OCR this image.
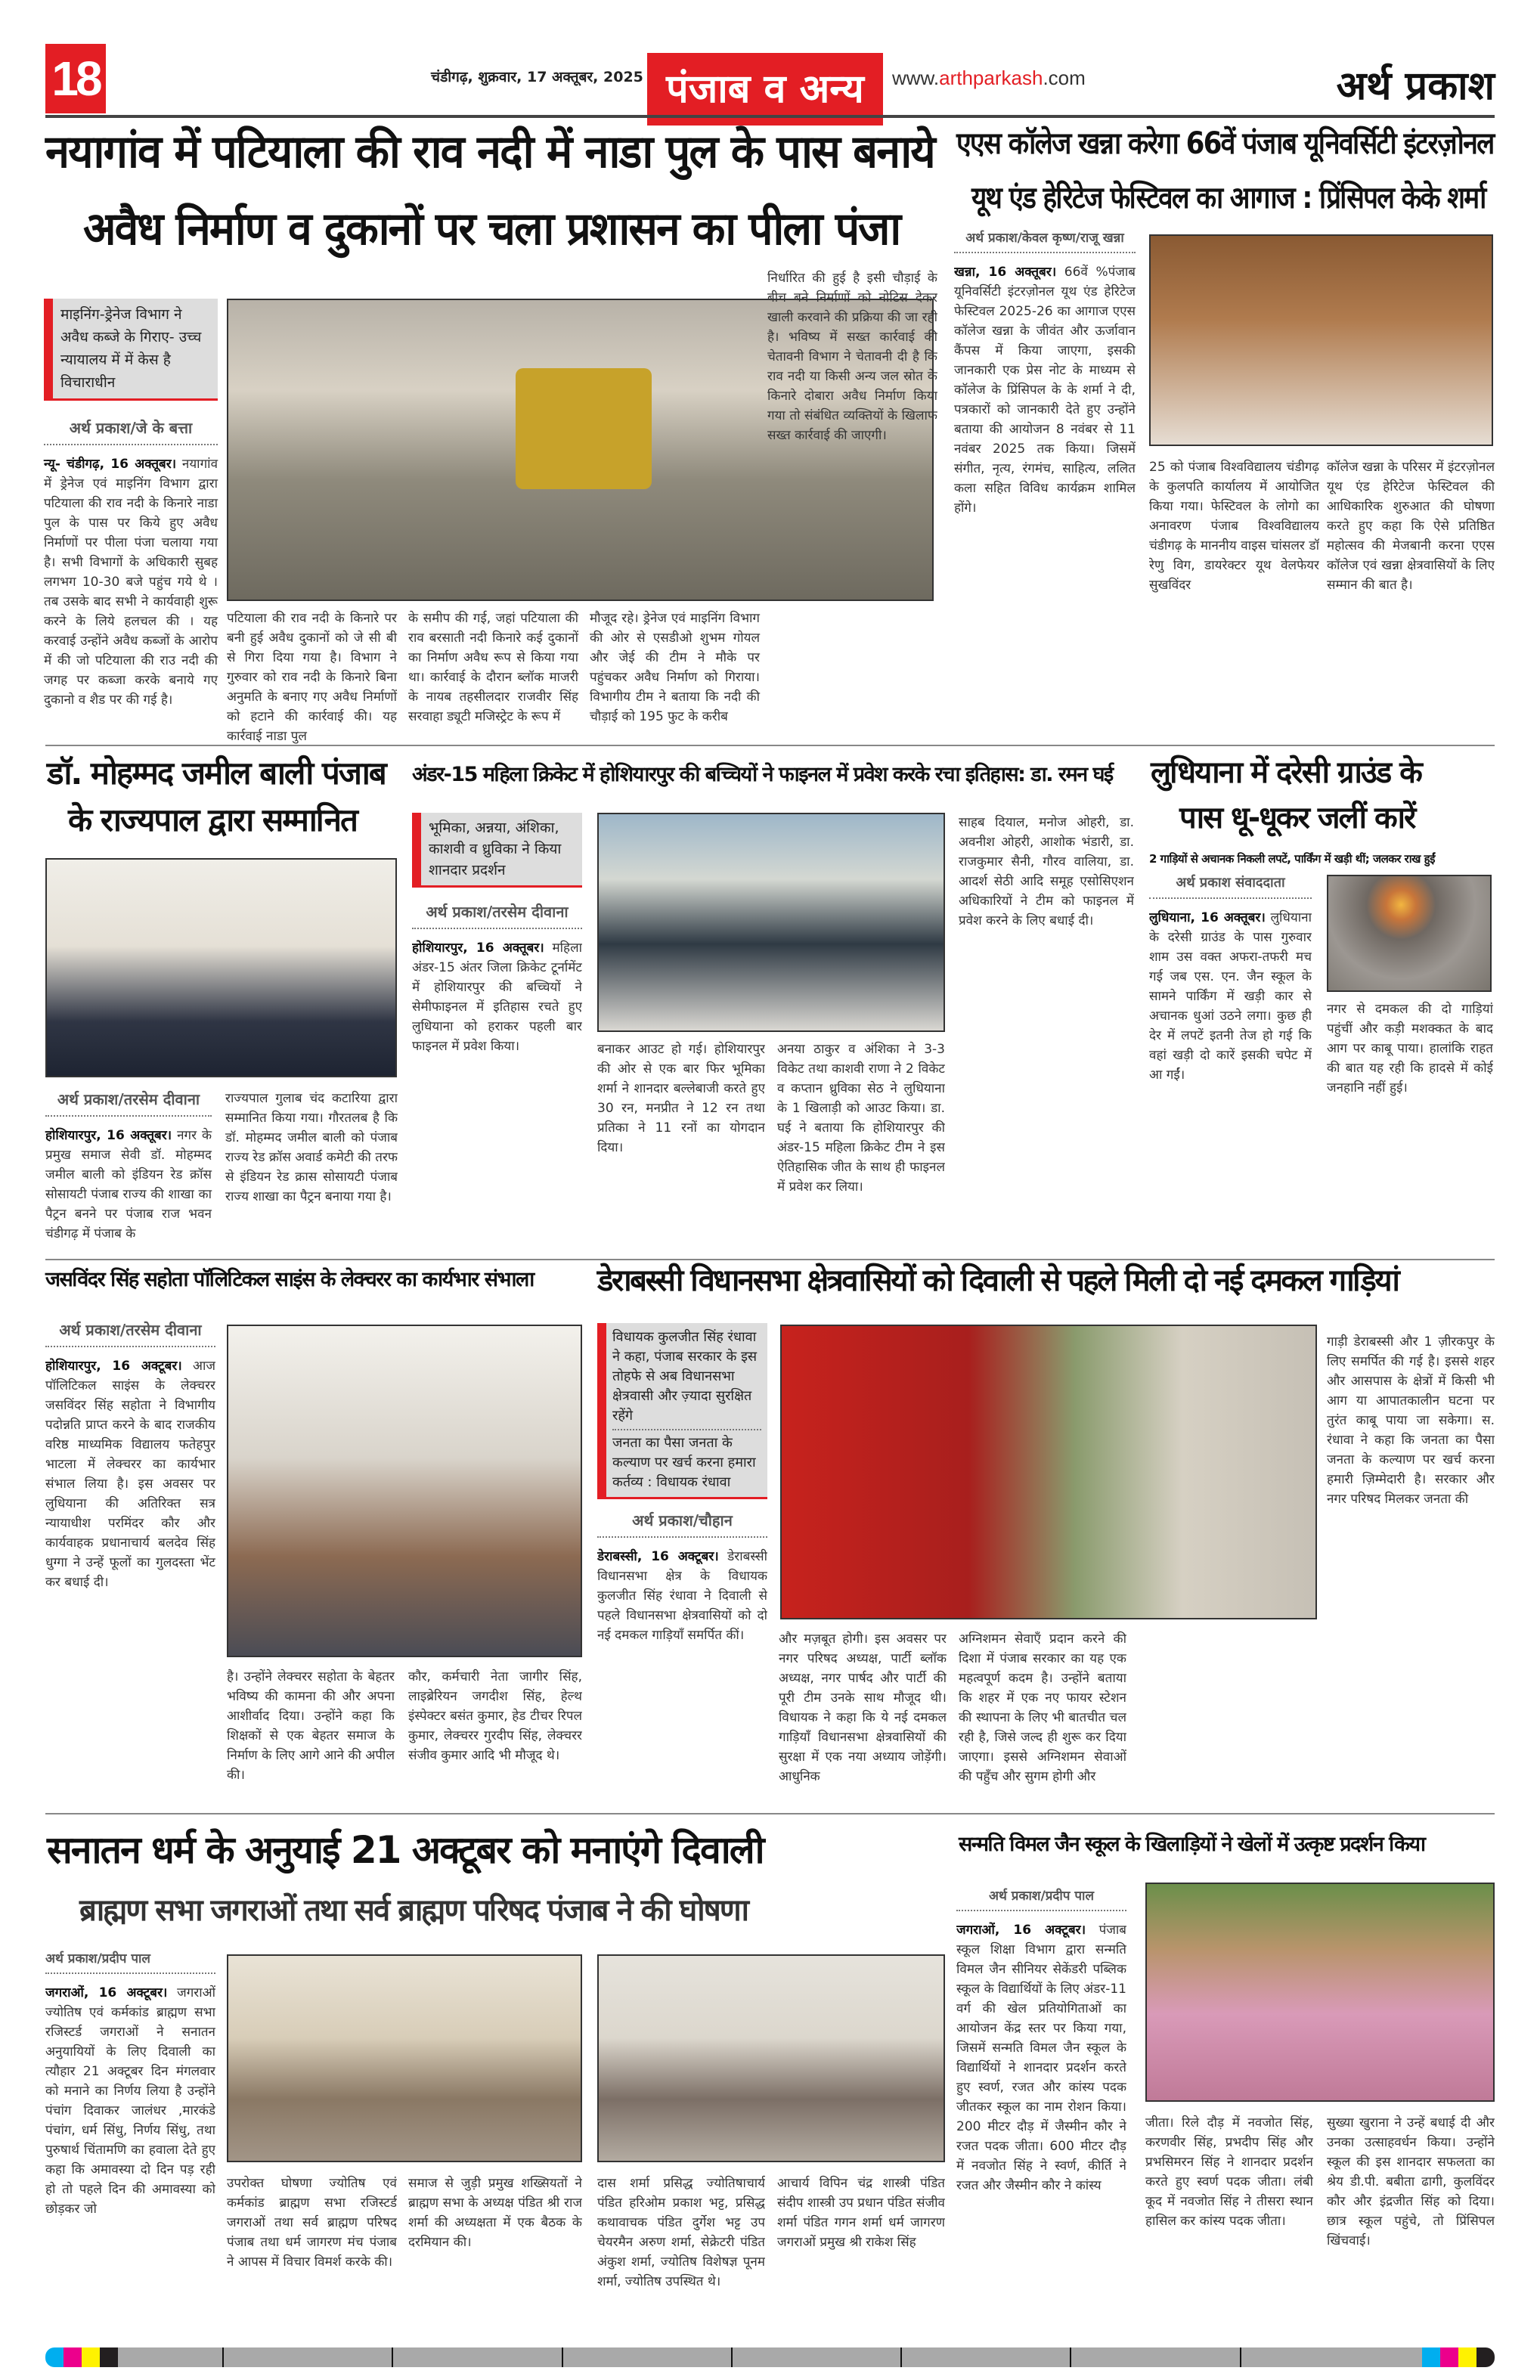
18	चंडीगढ़, शुक्रवार, 17 अक्तूबर, 2025 पंजाब व अन्य	www.arthparkash.com	अर्थ प्रकाश
नयागांव में पटियाला की राव नदी में नाडा पुल के पास बनाये
अवैध निर्माण व दुकानों पर चला प्रशासन का पीला पंजा
माइनिंग-ड्रेनेज विभाग ने अवैध कब्जे के गिराए- उच्च न्यायालय में में केस है विचाराधीन
अर्थ प्रकाश/जे के बत्ता
न्यू- चंडीगढ़, 16 अक्तूबर। नयागांव में ड्रेनेज एवं माइनिंग विभाग द्वारा पटियाला की राव नदी के किनारे नाडा पुल के पास पर किये हुए अवैध निर्माणों पर पीला पंजा चलाया गया है। सभी विभागों के अधिकारी सुबह लगभग 10-30 बजे पहुंच गये थे । तब उसके बाद सभी ने कार्यवाही शुरू करने के लिये हलचल की । यह करवाई उन्होंने अवैध कब्जों के आरोप में की जो पटियाला की राउ नदी की जगह पर कब्जा करके बनाये गए दुकानो व शैड पर की गई है।
पटियाला की राव नदी के किनारे पर बनी हुई अवैध दुकानों को जे सी बी से गिरा दिया गया है। विभाग ने गुरुवार को राव नदी के किनारे बिना अनुमति के बनाए गए अवैध निर्माणों को हटाने की कार्रवाई की। यह कार्रवाई नाडा पुल
के समीप की गई, जहां पटियाला की राव बरसाती नदी किनारे कई दुकानों का निर्माण अवैध रूप से किया गया था। कार्रवाई के दौरान ब्लॉक माजरी के नायब तहसीलदार राजवीर सिंह सरवाहा ड्यूटी मजिस्ट्रेट के रूप में
मौजूद रहे। ड्रेनेज एवं माइनिंग विभाग की ओर से एसडीओ शुभम गोयल और जेई की टीम ने मौके पर पहुंचकर अवैध निर्माण को गिराया। विभागीय टीम ने बताया कि नदी की चौड़ाई को 195 फुट के करीब
निर्धारित की हुई है इसी चौड़ाई के बीच बने निर्माणों को नोटिस देकर खाली करवाने की प्रक्रिया की जा रही है। भविष्य में सख्त कार्रवाई की चेतावनी विभाग ने चेतावनी दी है कि राव नदी या किसी अन्य जल स्रोत के किनारे दोबारा अवैध निर्माण किया गया तो संबंधित व्यक्तियों के खिलाफ सख्त कार्रवाई की जाएगी।
एएस कॉलेज खन्ना करेगा 66वें पंजाब यूनिवर्सिटी इंटरज़ोनल
यूथ एंड हेरिटेज फेस्टिवल का आगाज : प्रिंसिपल केके शर्मा
अर्थ प्रकाश/केवल कृष्ण/राजू खन्ना
खन्ना, 16 अक्तूबर। 66वें %पंजाब यूनिवर्सिटी इंटरज़ोनल यूथ एंड हेरिटेज फेस्टिवल 2025-26 का आगाज एएस कॉलेज खन्ना के जीवंत और ऊर्जावान कैंपस में किया जाएगा, इसकी जानकारी एक प्रेस नोट के माध्यम से कॉलेज के प्रिंसिपल के के शर्मा ने दी, पत्रकारों को जानकारी देते हुए उन्होंने बताया की आयोजन 8 नवंबर से 11 नवंबर 2025 तक किया। जिसमें संगीत, नृत्य, रंगमंच, साहित्य, ललित कला सहित विविध कार्यक्रम शामिल होंगे।
25 को पंजाब विश्वविद्यालय चंडीगढ़ के कुलपति कार्यालय में आयोजित किया गया। फेस्टिवल के लोगो का अनावरण पंजाब विश्वविद्यालय चंडीगढ़ के माननीय वाइस चांसलर डॉ रेणु विग, डायरेक्टर यूथ वेलफेयर सुखविंदर
कॉलेज खन्ना के परिसर में इंटरज़ोनल यूथ एंड हेरिटेज फेस्टिवल की आधिकारिक शुरुआत की घोषणा करते हुए कहा कि ऐसे प्रतिष्ठित महोत्सव की मेजबानी करना एएस कॉलेज एवं खन्ना क्षेत्रवासियों के लिए सम्मान की बात है।
डॉ. मोहम्मद जमील बाली पंजाब
के राज्यपाल द्वारा सम्मानित
अर्थ प्रकाश/तरसेम दीवाना
होशियारपुर, 16 अक्तूबर। नगर के प्रमुख समाज सेवी डॉ. मोहम्मद जमील बाली को इंडियन रेड क्रॉस सोसायटी पंजाब राज्य की शाखा का पैट्रन बनने पर पंजाब राज भवन चंडीगढ़ में पंजाब के
राज्यपाल गुलाब चंद कटारिया द्वारा सम्मानित किया गया। गौरतलब है कि डॉ. मोहम्मद जमील बाली को पंजाब राज्य रेड क्रॉस अवार्ड कमेटी की तरफ से इंडियन रेड क्रास सोसायटी पंजाब राज्य शाखा का पैट्रन बनाया गया है।
अंडर-15 महिला क्रिकेट में होशियारपुर की बच्चियों ने फाइनल में प्रवेश करके रचा इतिहास: डा. रमन घई
भूमिका, अन्नया, अंशिका, काशवी व ध्रुविका ने किया शानदार प्रदर्शन
अर्थ प्रकाश/तरसेम दीवाना
होशियारपुर, 16 अक्तूबर। महिला अंडर-15 अंतर जिला क्रिकेट टूर्नामेंट में होशियारपुर की बच्चियों ने सेमीफाइनल में इतिहास रचते हुए लुधियाना को हराकर पहली बार फाइनल में प्रवेश किया।	बनाकर आउट हो गई। होशियारपुर की ओर से एक बार फिर भूमिका शर्मा ने शानदार बल्लेबाजी करते हुए 30 रन, मनप्रीत ने 12 रन तथा प्रतिका ने 11 रनों का योगदान दिया।
अनया ठाकुर व अंशिका ने 3-3 विकेट तथा काशवी राणा ने 2 विकेट व कप्तान ध्रुविका सेठ ने लुधियाना के 1 खिलाड़ी को आउट किया। डा. घई ने बताया कि होशियारपुर की अंडर-15 महिला क्रिकेट टीम ने इस ऐतिहासिक जीत के साथ ही फाइनल में प्रवेश कर लिया।
साहब दियाल, मनोज ओहरी, डा. अवनीश ओहरी, आशोक भंडारी, डा. राजकुमार सैनी, गौरव वालिया, डा. आदर्श सेठी आदि समूह एसोसिएशन अधिकारियों ने टीम को फाइनल में प्रवेश करने के लिए बधाई दी।
लुधियाना में दरेसी ग्राउंड के
पास धू-धूकर जलीं कारें
2 गाड़ियों से अचानक निकली लपटें, पार्किंग में खड़ी थीं; जलकर राख हुईं
अर्थ प्रकाश संवाददाता
लुधियाना, 16 अक्तूबर। लुधियाना के दरेसी ग्राउंड के पास गुरुवार शाम उस वक्त अफरा-तफरी मच गई जब एस. एन. जैन स्कूल के सामने पार्किंग में खड़ी कार से अचानक धुआं उठने लगा। कुछ ही देर में लपटें इतनी तेज हो गई कि वहां खड़ी दो कारें इसकी चपेट में आ गईं।
नगर से दमकल की दो गाड़ियां पहुंचीं और कड़ी मशक्कत के बाद आग पर काबू पाया। हालांकि राहत की बात यह रही कि हादसे में कोई जनहानि नहीं हुई।
जसविंदर सिंह सहोता पॉलिटिकल साइंस के लेक्चरर का कार्यभार संभाला
अर्थ प्रकाश/तरसेम दीवाना
होशियारपुर, 16 अक्टूबर। आज पॉलिटिकल साइंस के लेक्चरर जसविंदर सिंह सहोता ने विभागीय पदोन्नति प्राप्त करने के बाद राजकीय वरिष्ठ माध्यमिक विद्यालय फतेहपुर भाटला में लेक्चरर का कार्यभार संभाल लिया है। इस अवसर पर लुधियाना की अतिरिक्त सत्र न्यायाधीश परमिंदर कौर और कार्यवाहक प्रधानाचार्य बलदेव सिंह धुग्गा ने उन्हें फूलों का गुलदस्ता भेंट कर बधाई दी।
है। उन्होंने लेक्चरर सहोता के बेहतर भविष्य की कामना की और अपना आशीर्वाद दिया। उन्होंने कहा कि शिक्षकों से एक बेहतर समाज के निर्माण के लिए आगे आने की अपील की।
कौर, कर्मचारी नेता जागीर सिंह, लाइब्रेरियन जगदीश सिंह, हेल्थ इंस्पेक्टर बसंत कुमार, हेड टीचर रिपल कुमार, लेक्चरर गुरदीप सिंह, लेक्चरर संजीव कुमार आदि भी मौजूद थे।
डेराबस्सी विधानसभा क्षेत्रवासियों को दिवाली से पहले मिली दो नई दमकल गाड़ियां
विधायक कुलजीत सिंह रंधावा ने कहा, पंजाब सरकार के इस तोहफे से अब विधानसभा क्षेत्रवासी और ज़्यादा सुरक्षित रहेंगे
जनता का पैसा जनता के कल्याण पर खर्च करना हमारा कर्तव्य : विधायक रंधावा
अर्थ प्रकाश/चौहान
डेराबस्सी, 16 अक्टूबर। डेराबस्सी विधानसभा क्षेत्र के विधायक कुलजीत सिंह रंधावा ने दिवाली से पहले विधानसभा क्षेत्रवासियों को दो नई दमकल गाड़ियाँ समर्पित कीं।	और मज़बूत होगी। इस अवसर पर नगर परिषद अध्यक्ष, पार्टी ब्लॉक अध्यक्ष, नगर पार्षद और पार्टी की पूरी टीम उनके साथ मौजूद थी। विधायक ने कहा कि ये नई दमकल गाड़ियाँ विधानसभा क्षेत्रवासियों की सुरक्षा में एक नया अध्याय जोड़ेंगी। आधुनिक
अग्निशमन सेवाएँ प्रदान करने की दिशा में पंजाब सरकार का यह एक महत्वपूर्ण कदम है। उन्होंने बताया कि शहर में एक नए फायर स्टेशन की स्थापना के लिए भी बातचीत चल रही है, जिसे जल्द ही शुरू कर दिया जाएगा। इससे अग्निशमन सेवाओं की पहुँच और सुगम होगी और
गाड़ी डेराबस्सी और 1 ज़ीरकपुर के लिए समर्पित की गई है। इससे शहर और आसपास के क्षेत्रों में किसी भी आग या आपातकालीन घटना पर तुरंत काबू पाया जा सकेगा। स. रंधावा ने कहा कि जनता का पैसा जनता के कल्याण पर खर्च करना हमारी ज़िम्मेदारी है। सरकार और नगर परिषद मिलकर जनता की
सनातन धर्म के अनुयाई 21 अक्टूबर को मनाएंगे दिवाली
ब्राह्मण सभा जगराओं तथा सर्व ब्राह्मण परिषद पंजाब ने की घोषणा
अर्थ प्रकाश/प्रदीप पाल
जगराओं, 16 अक्टूबर। जगराओं ज्योतिष एवं कर्मकांड ब्राह्मण सभा रजिस्टर्ड जगराओं ने सनातन अनुयायियों के लिए दिवाली का त्यौहार 21 अक्टूबर दिन मंगलवार को मनाने का निर्णय लिया है उन्होंने पंचांग दिवाकर जालंधर ,मारकंडे पंचांग, धर्म सिंधु, निर्णय सिंधु, तथा पुरुषार्थ चिंतामणि का हवाला देते हुए कहा कि अमावस्या दो दिन पड़ रही हो तो पहले दिन की अमावस्या को छोड़कर जो
उपरोक्त घोषणा ज्योतिष एवं कर्मकांड ब्राह्मण सभा रजिस्टर्ड जगराओं तथा सर्व ब्राह्मण परिषद पंजाब तथा धर्म जागरण मंच पंजाब ने आपस में विचार विमर्श करके की।
समाज से जुड़ी प्रमुख शख्सियतों ने ब्राह्मण सभा के अध्यक्ष पंडित श्री राज शर्मा की अध्यक्षता में एक बैठक के दरमियान की।
दास शर्मा प्रसिद्ध ज्योतिषाचार्य पंडित हरिओम प्रकाश भट्ट, प्रसिद्ध कथावाचक पंडित दुर्गेश भट्ट उप चेयरमैन अरुण शर्मा, सेक्रेटरी पंडित अंकुश शर्मा, ज्योतिष विशेषज्ञ पूनम शर्मा, ज्योतिष उपस्थित थे।
आचार्य विपिन चंद्र शास्त्री पंडित संदीप शास्त्री उप प्रधान पंडित संजीव शर्मा पंडित गगन शर्मा धर्म जागरण जगराओं प्रमुख श्री राकेश सिंह
सन्मति विमल जैन स्कूल के खिलाड़ियों ने खेलों में उत्कृष्ट प्रदर्शन किया
अर्थ प्रकाश/प्रदीप पाल
जगराओं, 16 अक्टूबर। पंजाब स्कूल शिक्षा विभाग द्वारा सन्मति विमल जैन सीनियर सेकेंडरी पब्लिक स्कूल के विद्यार्थियों के लिए अंडर-11 वर्ग की खेल प्रतियोगिताओं का आयोजन केंद्र स्तर पर किया गया, जिसमें सन्मति विमल जैन स्कूल के विद्यार्थियों ने शानदार प्रदर्शन करते हुए स्वर्ण, रजत और कांस्य पदक जीतकर स्कूल का नाम रोशन किया। 200 मीटर दौड़ में जैस्मीन कौर ने रजत पदक जीता। 600 मीटर दौड़ में नवजोत सिंह ने स्वर्ण, कीर्ति ने रजत और जैस्मीन कौर ने कांस्य
जीता। रिले दौड़ में नवजोत सिंह, करणवीर सिंह, प्रभदीप सिंह और प्रभसिमरन सिंह ने शानदार प्रदर्शन करते हुए स्वर्ण पदक जीता। लंबी कूद में नवजोत सिंह ने तीसरा स्थान हासिल कर कांस्य पदक जीता।
सुख्या खुराना ने उन्हें बधाई दी और उनका उत्साहवर्धन किया। उन्होंने स्कूल की इस शानदार सफलता का श्रेय डी.पी. बबीता ढागी, कुलविंदर कौर और इंद्रजीत सिंह को दिया। छात्र स्कूल पहुंचे, तो प्रिंसिपल खिंचवाई।
